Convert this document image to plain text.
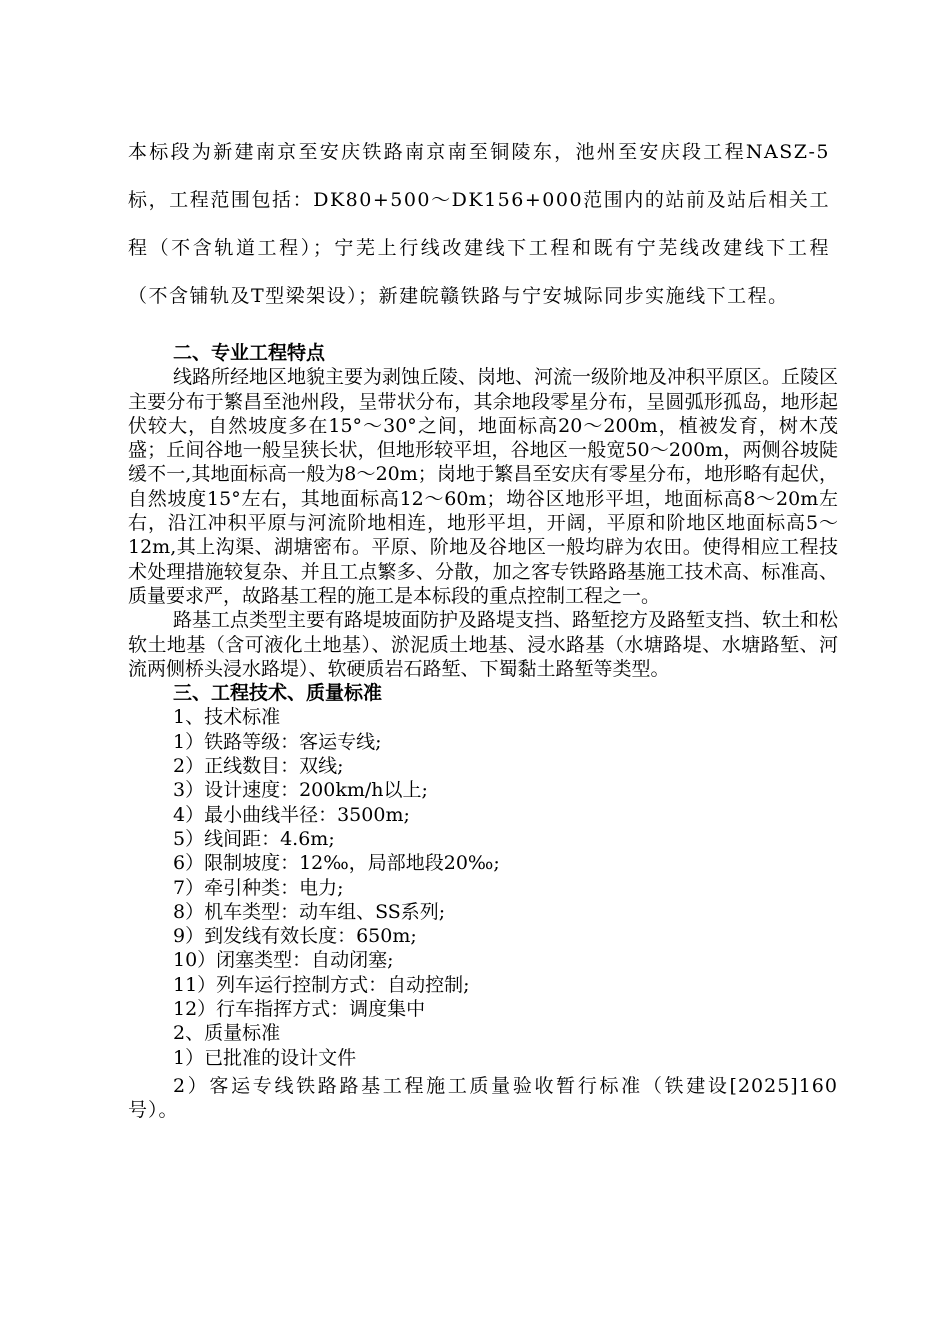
本标段为新建南京至安庆铁路南京南至铜陵东，池州至安庆段工程NASZ-5标，工程范围包括：DK80+500～DK156+000范围内的站前及站后相关工程（不含轨道工程）；宁芜上行线改建线下工程和既有宁芜线改建线下工程（不含铺轨及T型梁架设）；新建皖赣铁路与宁安城际同步实施线下工程。

二、专业工程特点

线路所经地区地貌主要为剥蚀丘陵、岗地、河流一级阶地及冲积平原区。丘陵区主要分布于繁昌至池州段，呈带状分布，其余地段零星分布，呈圆弧形孤岛，地形起伏较大，自然坡度多在15°～30°之间，地面标高20～200m，植被发育，树木茂盛；丘间谷地一般呈狭长状，但地形较平坦，谷地区一般宽50～200m，两侧谷坡陡缓不一,其地面标高一般为8～20m；岗地于繁昌至安庆有零星分布，地形略有起伏，自然坡度15°左右，其地面标高12～60m；坳谷区地形平坦，地面标高8～20m左右，沿江冲积平原与河流阶地相连，地形平坦，开阔，平原和阶地区地面标高5～12m,其上沟渠、湖塘密布。平原、阶地及谷地区一般均辟为农田。使得相应工程技术处理措施较复杂、并且工点繁多、分散，加之客专铁路路基施工技术高、标准高、质量要求严，故路基工程的施工是本标段的重点控制工程之一。

路基工点类型主要有路堤坡面防护及路堤支挡、路堑挖方及路堑支挡、软土和松软土地基（含可液化土地基）、淤泥质土地基、浸水路基（水塘路堤、水塘路堑、河流两侧桥头浸水路堤）、软硬质岩石路堑、下蜀黏土路堑等类型。

三、工程技术、质量标准

1、技术标准

1）铁路等级：客运专线;

2）正线数目：双线;

3）设计速度：200km/h以上;

4）最小曲线半径：3500m;

5）线间距：4.6m;

6）限制坡度：12‰，局部地段20‰;

7）牵引种类：电力;

8）机车类型：动车组、SS系列;

9）到发线有效长度：650m;

10）闭塞类型：自动闭塞;

11）列车运行控制方式：自动控制;

12）行车指挥方式：调度集中

2、质量标准

1）已批准的设计文件

2）客运专线铁路路基工程施工质量验收暂行标准（铁建设[2025]160号）。
